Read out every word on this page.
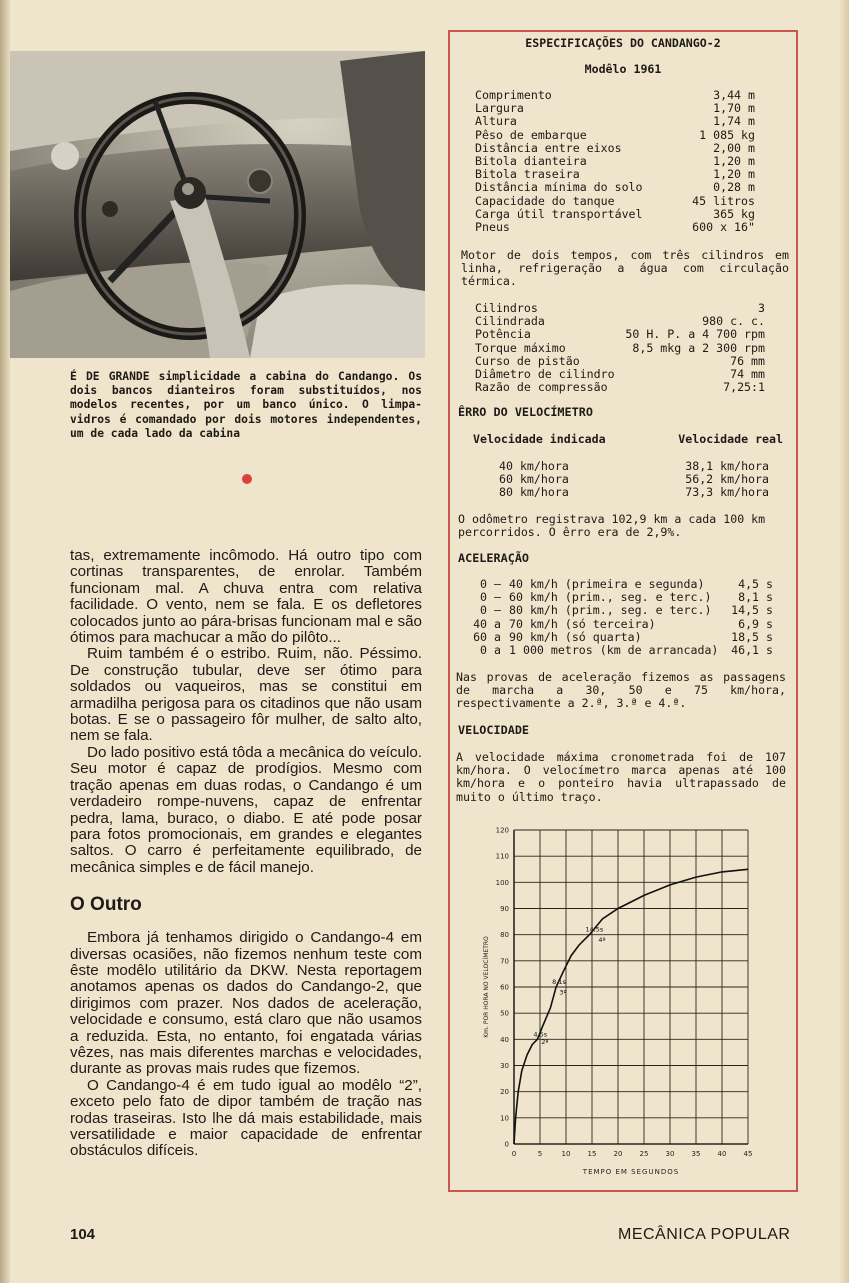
É DE GRANDE simplicidade a cabina do Candango. Os dois bancos dianteiros foram substituídos, nos modelos recentes, por um banco único. O limpa-vidros é comandado por dois motores independentes, um de cada lado da cabina

tas, extremamente incômodo. Há outro tipo com cortinas transparentes, de enrolar. Também funcionam mal. A chuva entra com relativa facilidade. O vento, nem se fala. E os defletores colocados junto ao pára-brisas funcionam mal e são ótimos para machucar a mão do pilôto...

Ruim também é o estribo. Ruim, não. Péssimo. De construção tubular, deve ser ótimo para soldados ou vaqueiros, mas se constitui em armadilha perigosa para os citadinos que não usam botas. E se o passageiro fôr mulher, de salto alto, nem se fala.

Do lado positivo está tôda a mecânica do veículo. Seu motor é capaz de prodígios. Mesmo com tração apenas em duas rodas, o Candango é um verdadeiro rompe-nuvens, capaz de enfrentar pedra, lama, buraco, o diabo. E até pode posar para fotos promocionais, em grandes e elegantes saltos. O carro é perfeitamente equilibrado, de mecânica simples e de fácil manejo.

O Outro

Embora já tenhamos dirigido o Candango-4 em diversas ocasiões, não fizemos nenhum teste com êste modêlo utilitário da DKW. Nesta reportagem anotamos apenas os dados do Candango-2, que dirigimos com prazer. Nos dados de aceleração, velocidade e consumo, está claro que não usamos a reduzida. Esta, no entanto, foi engatada várias vêzes, nas mais diferentes marchas e velocidades, durante as provas mais rudes que fizemos.

O Candango-4 é em tudo igual ao modêlo “2”, exceto pelo fato de dipor também de tração nas rodas traseiras. Isto lhe dá mais estabilidade, mais versatilidade e maior capacidade de enfrentar obstáculos difíceis.

ESPECIFICAÇÕES DO CANDANGO-2
Modêlo 1961
Comprimento	3,44 m
Largura	1,70 m
Altura	1,74 m
Pêso de embarque	1 085 kg
Distância entre eixos	2,00 m
Bitola dianteira	1,20 m
Bitola traseira	1,20 m
Distância mínima do solo	0,28 m
Capacidade do tanque	45 litros
Carga útil transportável	365 kg
Pneus	600 x 16"
Motor de dois tempos, com três cilindros em linha, refrigeração a água com circulação térmica.
Cilindros	3
Cilindrada	980 c. c.
Potência	50 H. P. a 4 700 rpm
Torque máximo	8,5 mkg a 2 300 rpm
Curso de pistão	76 mm
Diâmetro de cilindro	74 mm
Razão de compressão	7,25:1
ÊRRO DO VELOCÍMETRO
Velocidade indicada	Velocidade real
40 km/hora	38,1 km/hora
60 km/hora	56,2 km/hora
80 km/hora	73,3 km/hora
O odômetro registrava 102,9 km a cada 100 km percorridos. O êrro era de 2,9%.
ACELERAÇÃO
0 — 40 km/h (primeira e segunda)	4,5 s
0 — 60 km/h (prim., seg. e terc.)	8,1 s
0 — 80 km/h (prim., seg. e terc.)	14,5 s
40 a 70 km/h (só terceira)	6,9 s
60 a 90 km/h (só quarta)	18,5 s
0 a 1 000 metros (km de arrancada)	46,1 s
Nas provas de aceleração fizemos as passagens de marcha a 30, 50 e 75 km/hora, respectivamente a 2.ª, 3.ª e 4.ª.
VELOCIDADE
A velocidade máxima cronometrada foi de 107 km/hora. O velocímetro marca apenas até 100 km/hora e o ponteiro havia ultrapassado de muito o último traço.
0	5	10 15 20 25 30 35 40 45
0
10
20
30
40
50
60
70
80
90
100
110
120
TEMPO EM SEGUNDOS
Km. POR HORA NO VELOCÍMETRO	4,5s
2ª
8,1s
3ª
14,5s
4ª
104	MECÂNICA POPULAR
